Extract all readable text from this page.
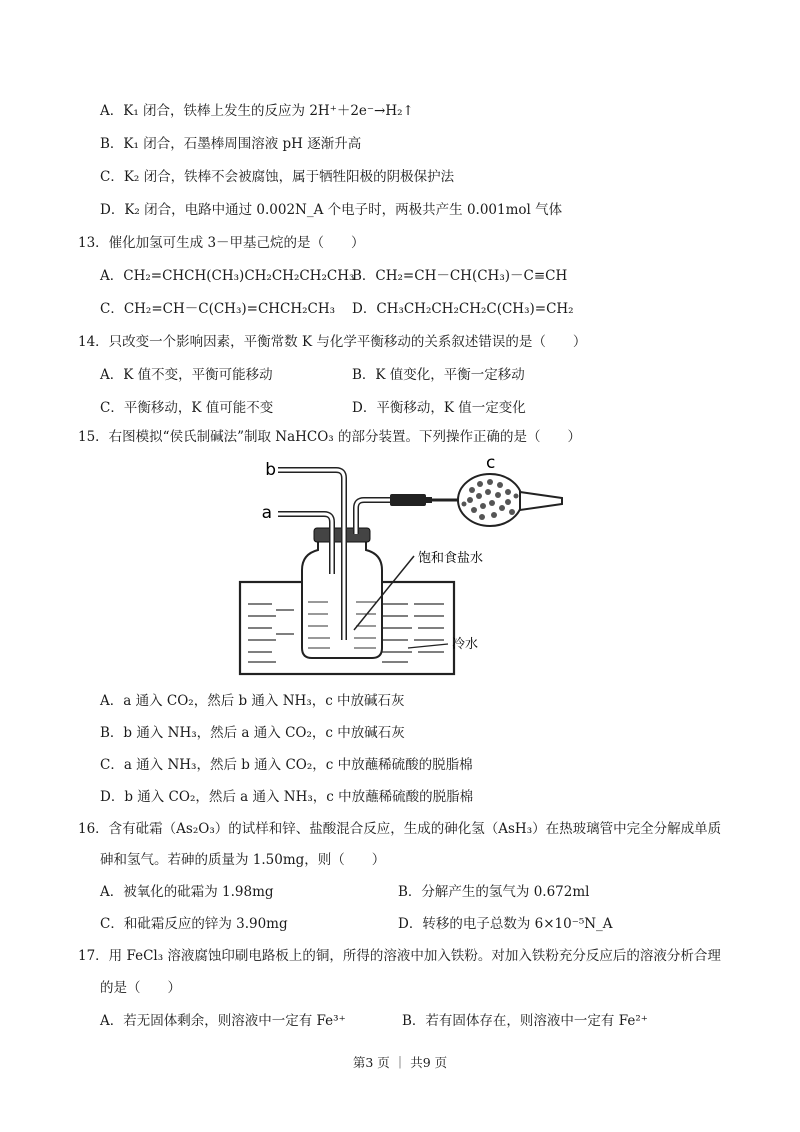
A．K₁ 闭合，铁棒上发生的反应为 2H⁺＋2e⁻→H₂↑
B．K₁ 闭合，石墨棒周围溶液 pH 逐渐升高
C．K₂ 闭合，铁棒不会被腐蚀，属于牺牲阳极的阴极保护法
D．K₂ 闭合，电路中通过 0.002N_A 个电子时，两极共产生 0.001mol 气体
13．催化加氢可生成 3－甲基己烷的是（　　）
A．CH₂=CHCH(CH₃)CH₂CH₂CH₂CH₃
B．CH₂=CH－CH(CH₃)－C≡CH
C．CH₂=CH－C(CH₃)=CHCH₂CH₃ D．CH₃CH₂CH₂CH₂C(CH₃)=CH₂
14．只改变一个影响因素，平衡常数 K 与化学平衡移动的关系叙述错误的是（　　）
A．K 值不变，平衡可能移动	B．K 值变化，平衡一定移动
C．平衡移动，K 值可能不变	D．平衡移动，K 值一定变化
15．右图模拟“侯氏制碱法”制取 NaHCO₃ 的部分装置。下列操作正确的是（　　）
b
a
c
饱和食盐水
冷水
A．a 通入 CO₂，然后 b 通入 NH₃，c 中放碱石灰
B．b 通入 NH₃，然后 a 通入 CO₂，c 中放碱石灰
C．a 通入 NH₃，然后 b 通入 CO₂，c 中放蘸稀硫酸的脱脂棉
D．b 通入 CO₂，然后 a 通入 NH₃，c 中放蘸稀硫酸的脱脂棉
16．含有砒霜（As₂O₃）的试样和锌、盐酸混合反应，生成的砷化氢（AsH₃）在热玻璃管中完全分解成单质
砷和氢气。若砷的质量为 1.50mg，则（　　）
A．被氧化的砒霜为 1.98mg	B．分解产生的氢气为 0.672ml
C．和砒霜反应的锌为 3.90mg	D．转移的电子总数为 6×10⁻⁵N_A
17．用 FeCl₃ 溶液腐蚀印刷电路板上的铜，所得的溶液中加入铁粉。对加入铁粉充分反应后的溶液分析合理
的是（　　）
A．若无固体剩余，则溶液中一定有 Fe³⁺	B．若有固体存在，则溶液中一定有 Fe²⁺
第3 页 ｜ 共9 页
